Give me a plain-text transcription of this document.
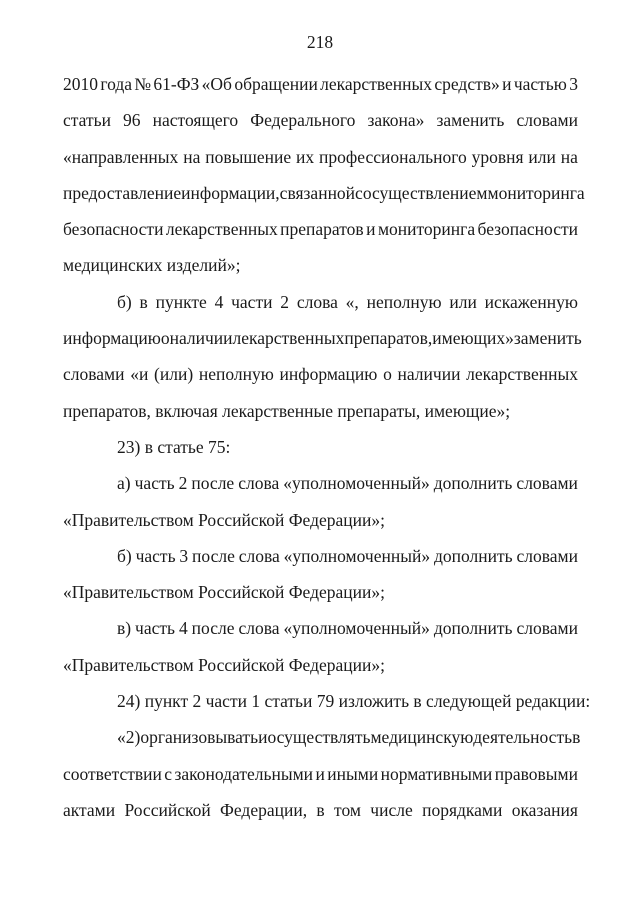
218
2010 года № 61-ФЗ «Об обращении лекарственных средств» и частью 3
статьи 96 настоящего Федерального закона» заменить словами
«направленных на повышение их профессионального уровня или на
предоставление информации, связанной с осуществлением мониторинга
безопасности лекарственных препаратов и мониторинга безопасности
медицинских изделий»;
б) в пункте 4 части 2 слова «, неполную или искаженную
информацию о наличии лекарственных препаратов, имеющих» заменить
словами «и (или) неполную информацию о наличии лекарственных
препаратов, включая лекарственные препараты, имеющие»;
23) в статье 75:
а) часть 2 после слова «уполномоченный» дополнить словами
«Правительством Российской Федерации»;
б) часть 3 после слова «уполномоченный» дополнить словами
«Правительством Российской Федерации»;
в) часть 4 после слова «уполномоченный» дополнить словами
«Правительством Российской Федерации»;
24) пункт 2 части 1 статьи 79 изложить в следующей редакции:
«2) организовывать и осуществлять медицинскую деятельность в
соответствии с законодательными и иными нормативными правовыми
актами Российской Федерации, в том числе порядками оказания
